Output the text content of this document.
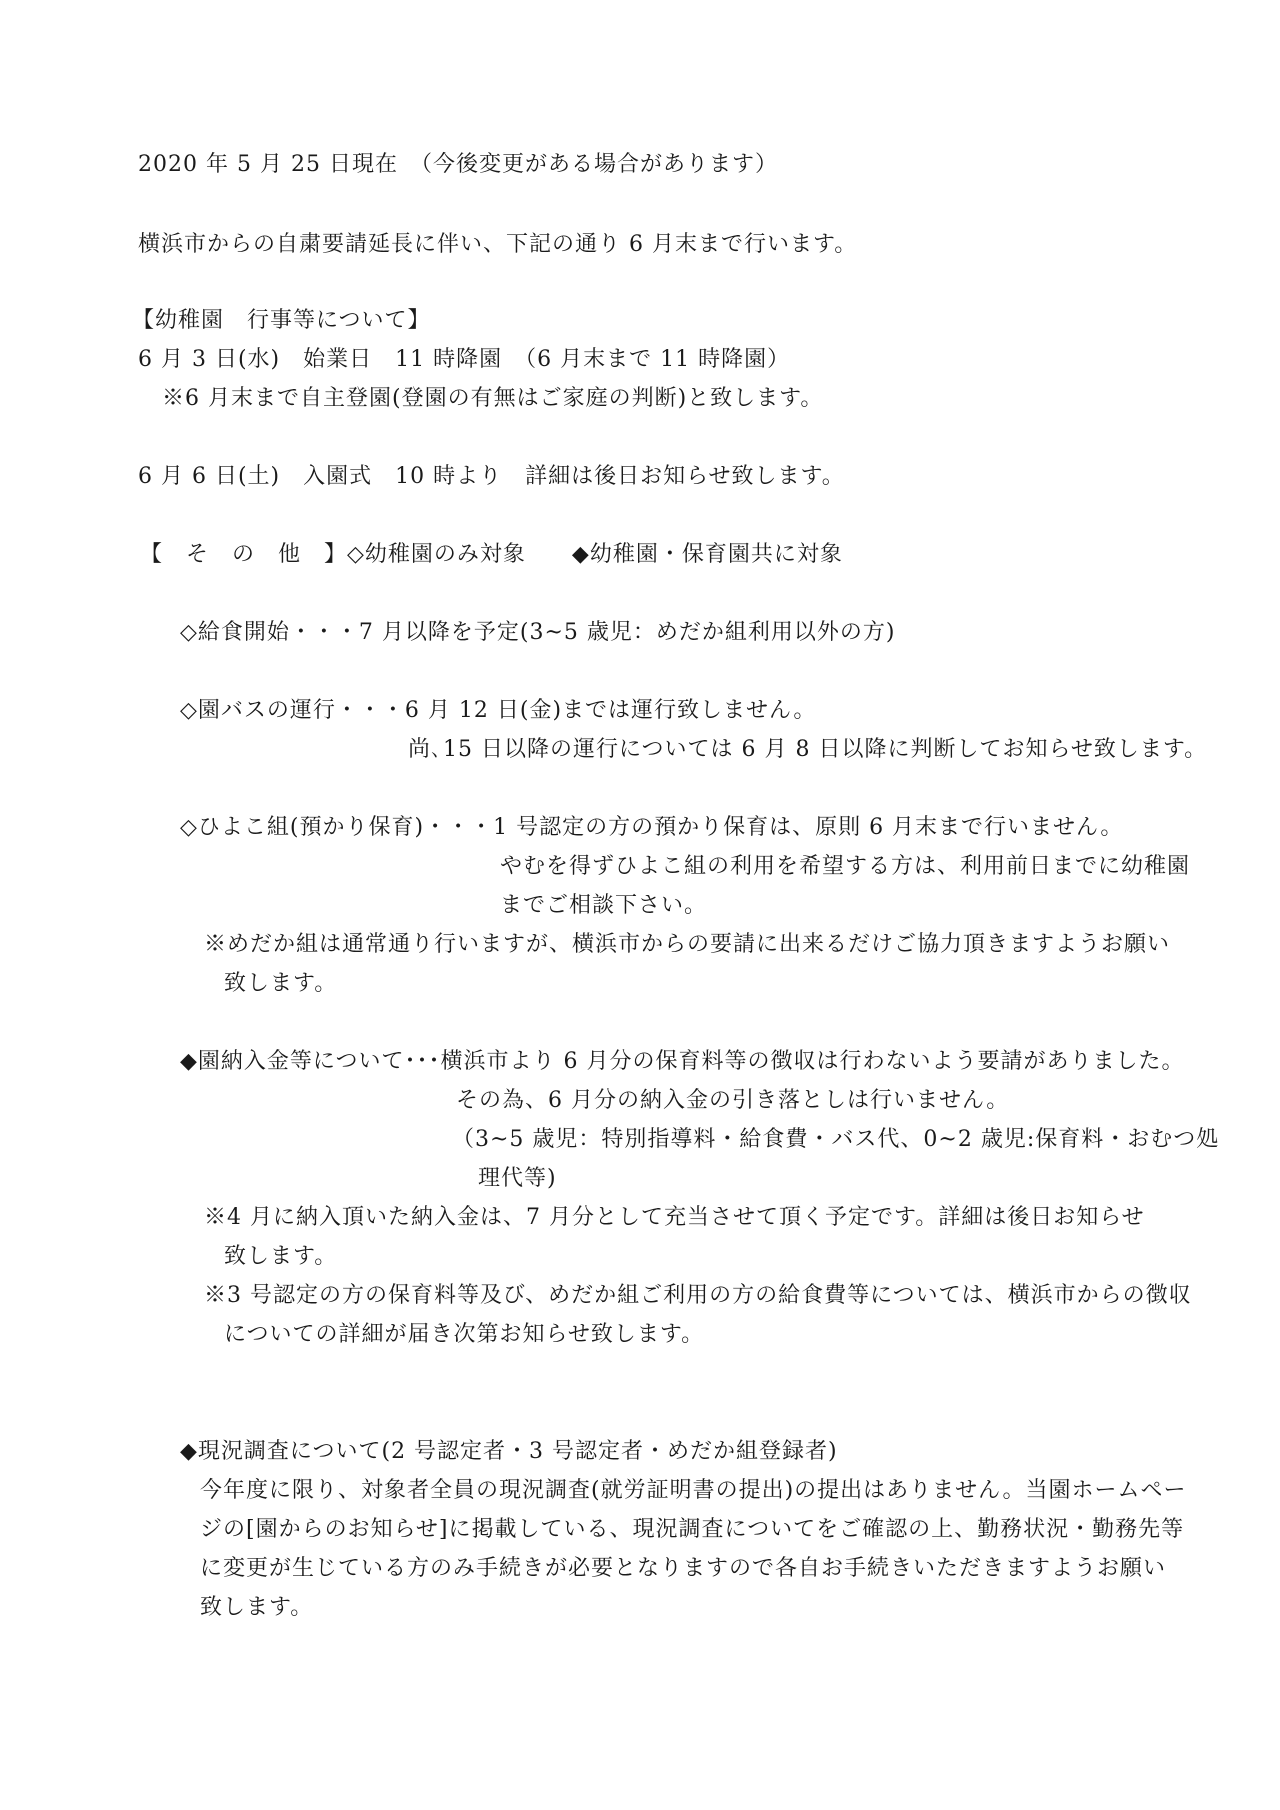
2020 年 5 月 25 日現在　（今後変更がある場合があります）
横浜市からの自粛要請延長に伴い、下記の通り 6 月末まで行います。
【幼稚園　行事等について】
6 月 3 日(水)　始業日　11 時降園　（6 月末まで 11 時降園）
※6 月末まで自主登園(登園の有無はご家庭の判断)と致します。
6 月 6 日(土)　入園式　10 時より　詳細は後日お知らせ致します。
【　そ　の　他　】◇幼稚園のみ対象　　◆幼稚園・保育園共に対象
◇給食開始・・・7 月以降を予定(3~5 歳児：めだか組利用以外の方)
◇園バスの運行・・・6 月 12 日(金)までは運行致しません。
尚､15 日以降の運行については 6 月 8 日以降に判断してお知らせ致します。
◇ひよこ組(預かり保育)・・・1 号認定の方の預かり保育は、原則 6 月末まで行いません。
やむを得ずひよこ組の利用を希望する方は、利用前日までに幼稚園
までご相談下さい。
※めだか組は通常通り行いますが、横浜市からの要請に出来るだけご協力頂きますようお願い
致します。
◆園納入金等について･･･横浜市より 6 月分の保育料等の徴収は行わないよう要請がありました。
その為、6 月分の納入金の引き落としは行いません。
（3~5 歳児：特別指導料・給食費・バス代、0~2 歳児:保育料・おむつ処
理代等)
※4 月に納入頂いた納入金は、7 月分として充当させて頂く予定です。詳細は後日お知らせ
致します。
※3 号認定の方の保育料等及び、めだか組ご利用の方の給食費等については、横浜市からの徴収
についての詳細が届き次第お知らせ致します。
◆現況調査について(2 号認定者・3 号認定者・めだか組登録者)
今年度に限り、対象者全員の現況調査(就労証明書の提出)の提出はありません。当園ホームペー
ジの[園からのお知らせ]に掲載している、現況調査についてをご確認の上、勤務状況・勤務先等
に変更が生じている方のみ手続きが必要となりますので各自お手続きいただきますようお願い
致します。
